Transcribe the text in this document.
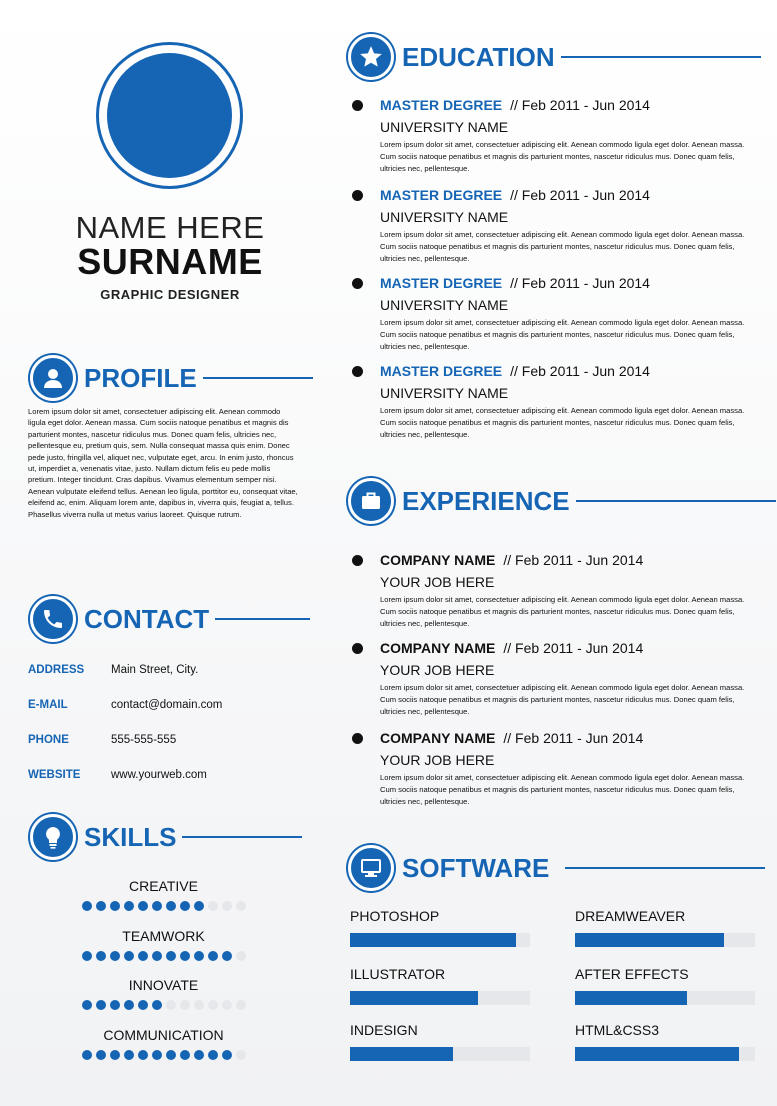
NAME HERE
SURNAME
GRAPHIC DESIGNER
PROFILE
Lorem ipsum dolor sit amet, consectetuer adipiscing elit. Aenean commodo ligula eget dolor. Aenean massa. Cum sociis natoque penatibus et magnis dis parturient montes, nascetur ridiculus mus. Donec quam felis, ultricies nec, pellentesque eu, pretium quis, sem. Nulla consequat massa quis enim. Donec pede justo, fringilla vel, aliquet nec, vulputate eget, arcu. In enim justo, rhoncus ut, imperdiet a, venenatis vitae, justo. Nullam dictum felis eu pede mollis pretium. Integer tincidunt. Cras dapibus. Vivamus elementum semper nisi. Aenean vulputate eleifend tellus. Aenean leo ligula, porttitor eu, consequat vitae, eleifend ac, enim. Aliquam lorem ante, dapibus in, viverra quis, feugiat a, tellus. Phasellus viverra nulla ut metus varius laoreet. Quisque rutrum.
CONTACT
ADDRESS	Main Street, City.
E-MAIL	contact@domain.com
PHONE	555-555-555
WEBSITE	www.yourweb.com
SKILLS
CREATIVE
TEAMWORK
INNOVATE
COMMUNICATION
EDUCATION
MASTER DEGREE // Feb 2011 - Jun 2014
UNIVERSITY NAME
Lorem ipsum dolor sit amet, consectetuer adipiscing elit. Aenean commodo ligula eget dolor. Aenean massa. Cum sociis natoque penatibus et magnis dis parturient montes, nascetur ridiculus mus. Donec quam felis, ultricies nec, pellentesque.
MASTER DEGREE // Feb 2011 - Jun 2014
UNIVERSITY NAME
Lorem ipsum dolor sit amet, consectetuer adipiscing elit. Aenean commodo ligula eget dolor. Aenean massa. Cum sociis natoque penatibus et magnis dis parturient montes, nascetur ridiculus mus. Donec quam felis, ultricies nec, pellentesque.
MASTER DEGREE // Feb 2011 - Jun 2014
UNIVERSITY NAME
Lorem ipsum dolor sit amet, consectetuer adipiscing elit. Aenean commodo ligula eget dolor. Aenean massa. Cum sociis natoque penatibus et magnis dis parturient montes, nascetur ridiculus mus. Donec quam felis, ultricies nec, pellentesque.
MASTER DEGREE // Feb 2011 - Jun 2014
UNIVERSITY NAME
Lorem ipsum dolor sit amet, consectetuer adipiscing elit. Aenean commodo ligula eget dolor. Aenean massa. Cum sociis natoque penatibus et magnis dis parturient montes, nascetur ridiculus mus. Donec quam felis, ultricies nec, pellentesque.
EXPERIENCE
COMPANY NAME // Feb 2011 - Jun 2014
YOUR JOB HERE
Lorem ipsum dolor sit amet, consectetuer adipiscing elit. Aenean commodo ligula eget dolor. Aenean massa. Cum sociis natoque penatibus et magnis dis parturient montes, nascetur ridiculus mus. Donec quam felis, ultricies nec, pellentesque.
COMPANY NAME // Feb 2011 - Jun 2014
YOUR JOB HERE
Lorem ipsum dolor sit amet, consectetuer adipiscing elit. Aenean commodo ligula eget dolor. Aenean massa. Cum sociis natoque penatibus et magnis dis parturient montes, nascetur ridiculus mus. Donec quam felis, ultricies nec, pellentesque.
COMPANY NAME // Feb 2011 - Jun 2014
YOUR JOB HERE
Lorem ipsum dolor sit amet, consectetuer adipiscing elit. Aenean commodo ligula eget dolor. Aenean massa. Cum sociis natoque penatibus et magnis dis parturient montes, nascetur ridiculus mus. Donec quam felis, ultricies nec, pellentesque.
SOFTWARE
PHOTOSHOP	DREAMWEAVER
ILLUSTRATOR	AFTER EFFECTS
INDESIGN	HTML&CSS3
